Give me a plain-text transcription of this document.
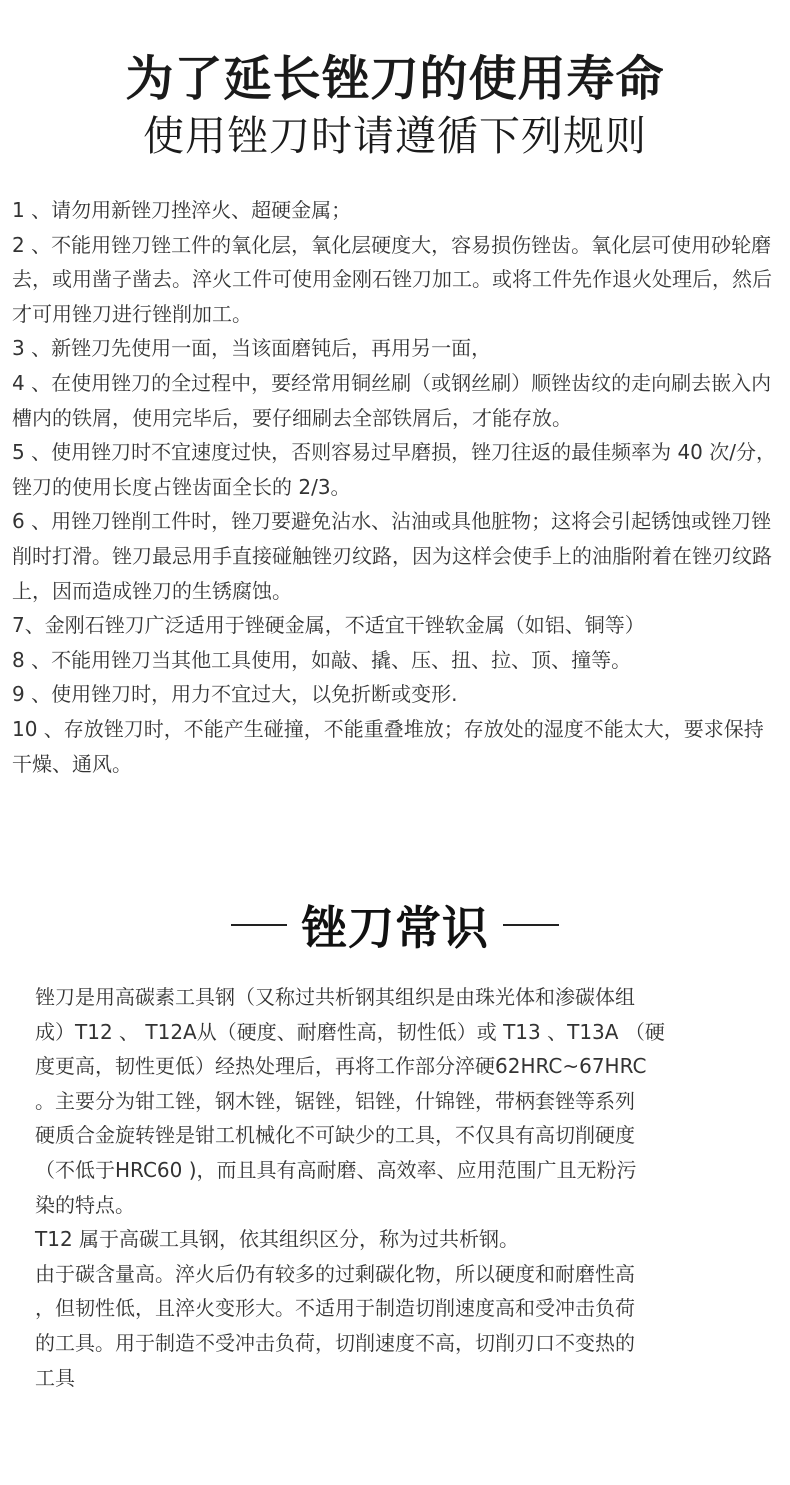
为了延长锉刀的使用寿命
使用锉刀时请遵循下列规则

1 、请勿用新锉刀挫淬火、超硬金属；

2 、不能用锉刀锉工件的氧化层，氧化层硬度大，容易损伤锉齿。氧化层可使用砂轮磨去，或用凿子凿去。淬火工件可使用金刚石锉刀加工。或将工件先作退火处理后，然后才可用锉刀进行锉削加工。

3 、新锉刀先使用一面，当该面磨钝后，再用另一面，

4 、在使用锉刀的全过程中，要经常用铜丝刷（或钢丝刷）顺锉齿纹的走向刷去嵌入内槽内的铁屑，使用完毕后，要仔细刷去全部铁屑后，才能存放。

5 、使用锉刀时不宜速度过快，否则容易过早磨损，锉刀往返的最佳频率为 40 次/分，锉刀的使用长度占锉齿面全长的 2/3。

6 、用锉刀锉削工件时，锉刀要避免沾水、沾油或具他脏物；这将会引起锈蚀或锉刀锉削时打滑。锉刀最忌用手直接碰触锉刃纹路，因为这样会使手上的油脂附着在锉刃纹路上，因而造成锉刀的生锈腐蚀。

7、金刚石锉刀广泛适用于锉硬金属，不适宜干锉软金属（如铝、铜等）

8 、不能用锉刀当其他工具使用，如敲、撬、压、扭、拉、顶、撞等。

9 、使用锉刀时，用力不宜过大，以免折断或变形.

10 、存放锉刀时，不能产生碰撞，不能重叠堆放；存放处的湿度不能太大，要求保持干燥、通风。

锉刀常识

锉刀是用高碳素工具钢（又称过共析钢其组织是由珠光体和渗碳体组

成）T12 、 T12A从（硬度、耐磨性高，韧性低）或 T13 、T13A （硬

度更高，韧性更低）经热处理后，再将工作部分淬硬62HRC~67HRC

。主要分为钳工锉，钢木锉，锯锉，铝锉，什锦锉，带柄套锉等系列

硬质合金旋转锉是钳工机械化不可缺少的工具，不仅具有高切削硬度

（不低于HRC60 )，而且具有高耐磨、高效率、应用范围广且无粉污

染的特点。

T12 属于高碳工具钢，依其组织区分，称为过共析钢。

由于碳含量高。淬火后仍有较多的过剩碳化物，所以硬度和耐磨性高

，但韧性低，且淬火变形大。不适用于制造切削速度高和受冲击负荷

的工具。用于制造不受冲击负荷，切削速度不高，切削刃口不变热的

工具
